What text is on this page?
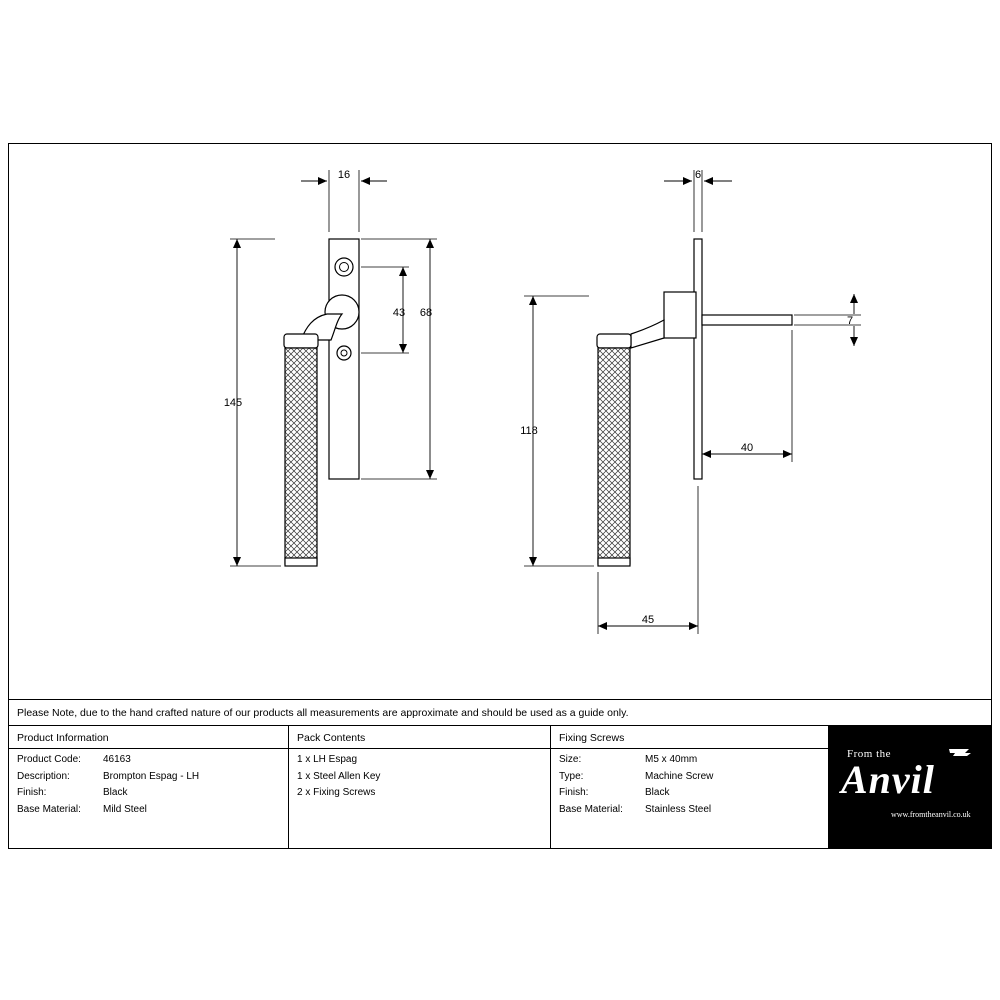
16
145
43 68
6
7
118
40
45
Please Note, due to the hand crafted nature of our products all measurements are approximate and should be used as a guide only.
Product Information
Product Code:	46163
Description:	Brompton Espag - LH
Finish:	Black
Base Material:	Mild Steel
Pack Contents
1 x LH Espag
1 x Steel Allen Key
2 x Fixing Screws
Fixing Screws
Size:	M5 x 40mm
Type:	Machine Screw
Finish:	Black
Base Material:	Stainless Steel
From the
Anvil
www.fromtheanvil.co.uk
